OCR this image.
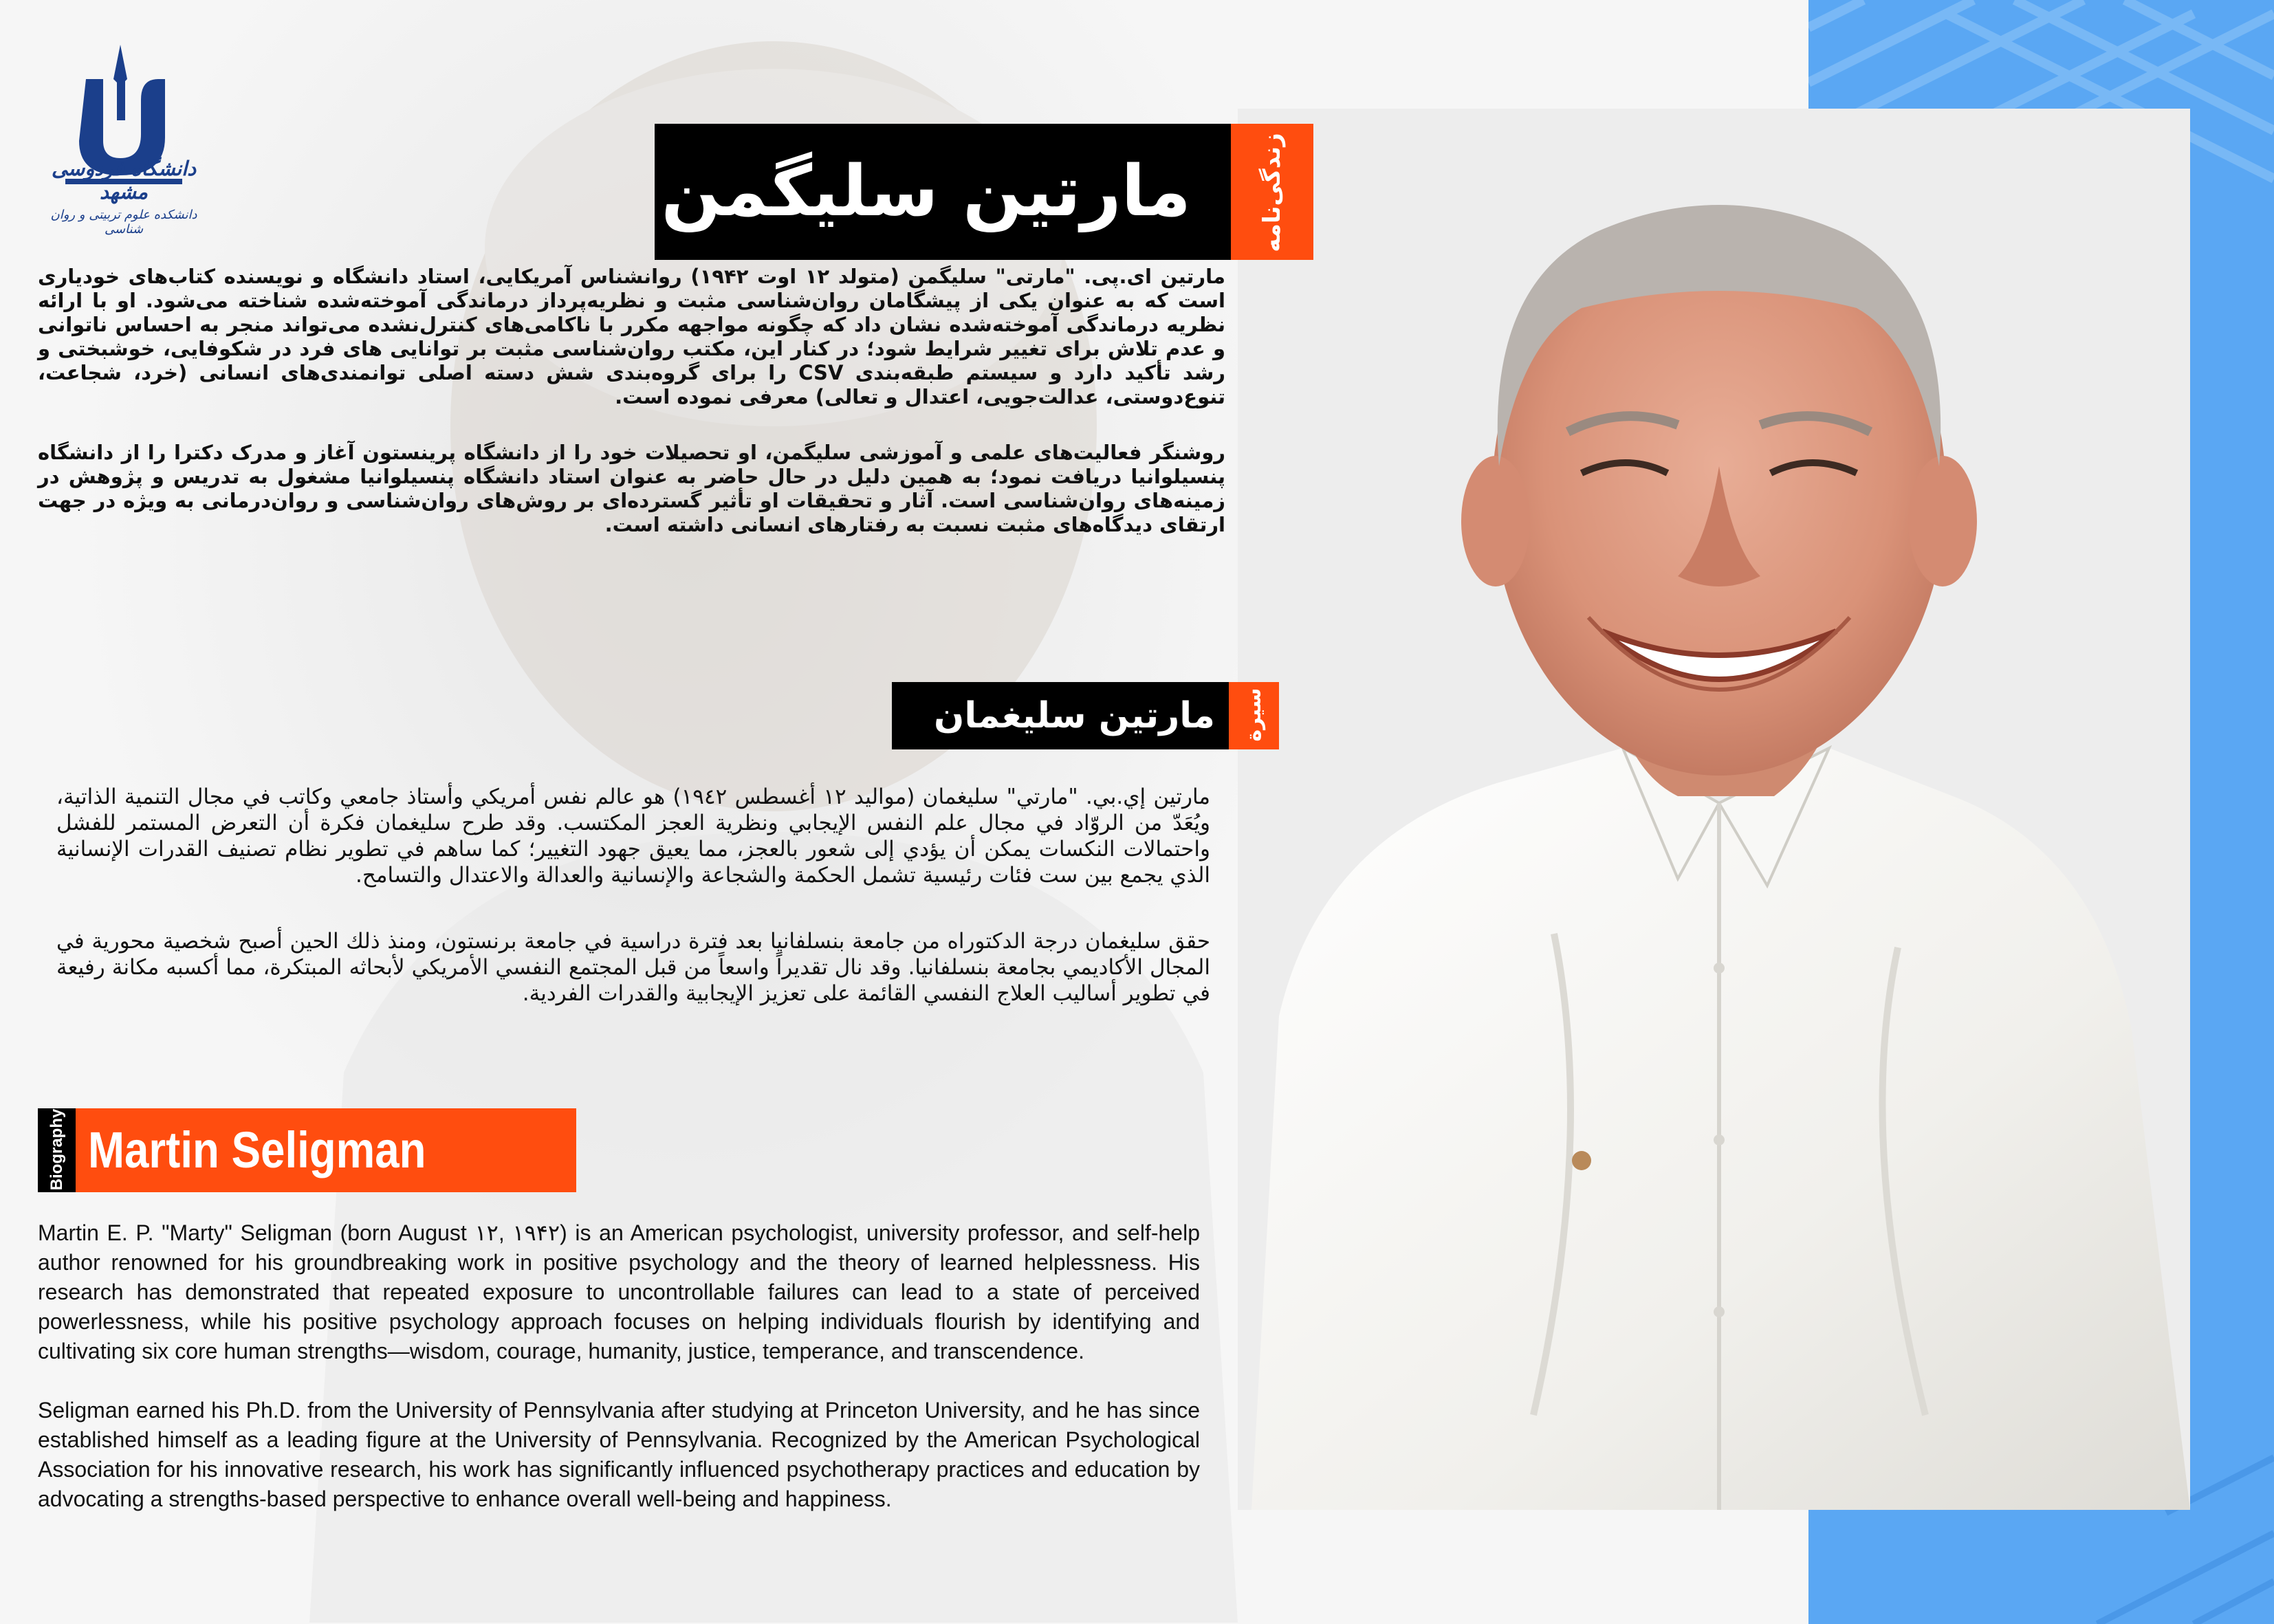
دانشگاه فردوسی مشهد
دانشکده علوم تربیتی و روان شناسی	مارتین سلیگمن	زندگی‌نامه

مارتین ای.پی. "مارتی" سلیگمن (متولد ۱۲ اوت ۱۹۴۲) روانشناس آمریکایی، استاد دانشگاه و نویسنده کتاب‌های خودیاری است که به عنوان یکی از پیشگامان روان‌شناسی مثبت و نظریه‌پرداز درماندگی آموخته‌شده شناخته می‌شود. او با ارائه نظریه درماندگی آموخته‌شده نشان داد که چگونه مواجهه مکرر با ناکامی‌های کنترل‌نشده می‌تواند منجر به احساس ناتوانی و عدم تلاش برای تغییر شرایط شود؛ در کنار این، مکتب روان‌شناسی مثبت بر توانایی های فرد در شکوفایی، خوشبختی و رشد تأکید دارد و سیستم طبقه‌بندی CSV را برای گروه‌بندی شش دسته اصلی توانمندی‌های انسانی (خرد، شجاعت، تنوع‌دوستی، عدالت‌جویی، اعتدال و تعالی) معرفی نموده است.

روشنگر فعالیت‌های علمی و آموزشی سلیگمن، او تحصیلات خود را از دانشگاه پرینستون آغاز و مدرک دکترا را از دانشگاه پنسیلوانیا دریافت نمود؛ به همین دلیل در حال حاضر به عنوان استاد دانشگاه پنسیلوانیا مشغول به تدریس و پژوهش در زمینه‌های روان‌شناسی است. آثار و تحقیقات او تأثیر گسترده‌ای بر روش‌های روان‌شناسی و روان‌درمانی به ویژه در جهت ارتقای دیدگاه‌های مثبت نسبت به رفتارهای انسانی داشته است.

مارتين سليغمان سيرة

مارتين إي.بي. "مارتي" سليغمان (مواليد ١٢ أغسطس ١٩٤٢) هو عالم نفس أمريكي وأستاذ جامعي وكاتب في مجال التنمية الذاتية، ويُعَدّ من الروّاد في مجال علم النفس الإيجابي ونظرية العجز المكتسب. وقد طرح سليغمان فكرة أن التعرض المستمر للفشل واحتمالات النكسات يمكن أن يؤدي إلى شعور بالعجز، مما يعيق جهود التغيير؛ كما ساهم في تطوير نظام تصنيف القدرات الإنسانية الذي يجمع بين ست فئات رئيسية تشمل الحكمة والشجاعة والإنسانية والعدالة والاعتدال والتسامح.

حقق سليغمان درجة الدكتوراه من جامعة بنسلفانيا بعد فترة دراسية في جامعة برنستون، ومنذ ذلك الحين أصبح شخصية محورية في المجال الأكاديمي بجامعة بنسلفانيا. وقد نال تقديراً واسعاً من قبل المجتمع النفسي الأمريكي لأبحاثه المبتكرة، مما أكسبه مكانة رفيعة في تطوير أساليب العلاج النفسي القائمة على تعزيز الإيجابية والقدرات الفردية.

Biography Martin Seligman

Martin E. P. "Marty" Seligman (born August ۱۲, ۱۹۴۲) is an American psychologist, university professor, and self-help author renowned for his groundbreaking work in positive psychology and the theory of learned helplessness. His research has demonstrated that repeated exposure to uncontrollable failures can lead to a state of perceived powerlessness, while his positive psychology approach focuses on helping individuals flourish by identifying and cultivating six core human strengths—wisdom, courage, humanity, justice, temperance, and transcendence.

Seligman earned his Ph.D. from the University of Pennsylvania after studying at Princeton University, and he has since established himself as a leading figure at the University of Pennsylvania. Recognized by the American Psychological Association for his innovative research, his work has significantly influenced psychotherapy practices and education by advocating a strengths-based perspective to enhance overall well-being and happiness.
